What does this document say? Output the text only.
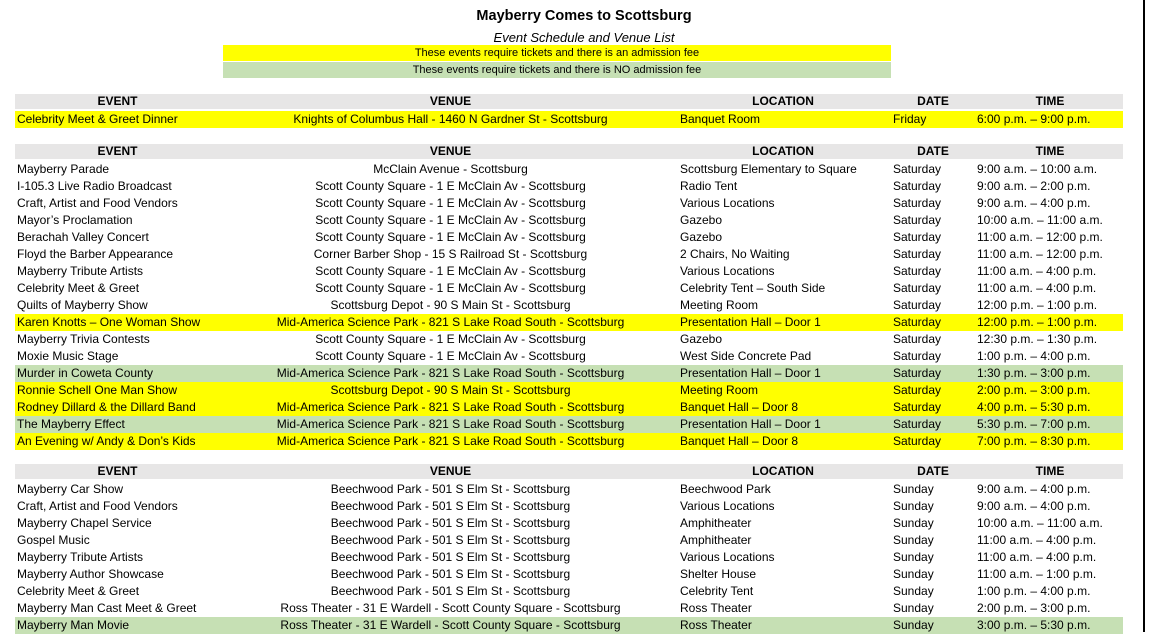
Mayberry Comes to Scottsburg
Event Schedule and Venue List
These events require tickets and there is an admission fee
These events require tickets and there is NO admission fee
EVENT	VENUE	LOCATION	DATE	TIME
Celebrity Meet & Greet Dinner	Knights of Columbus Hall - 1460 N Gardner St - Scottsburg	Banquet Room	Friday	6:00 p.m. – 9:00 p.m.
EVENT	VENUE	LOCATION	DATE	TIME
Mayberry Parade	McClain Avenue - Scottsburg	Scottsburg Elementary to Square	Saturday	9:00 a.m. – 10:00 a.m.
I-105.3 Live Radio Broadcast	Scott County Square - 1 E McClain Av - Scottsburg	Radio Tent	Saturday	9:00 a.m. – 2:00 p.m.
Craft, Artist and Food Vendors	Scott County Square - 1 E McClain Av - Scottsburg	Various Locations	Saturday	9:00 a.m. – 4:00 p.m.
Mayor’s Proclamation	Scott County Square - 1 E McClain Av - Scottsburg	Gazebo	Saturday	10:00 a.m. – 11:00 a.m.
Berachah Valley Concert	Scott County Square - 1 E McClain Av - Scottsburg	Gazebo	Saturday	11:00 a.m. – 12:00 p.m.
Floyd the Barber Appearance	Corner Barber Shop - 15 S Railroad St - Scottsburg	2 Chairs, No Waiting	Saturday	11:00 a.m. – 12:00 p.m.
Mayberry Tribute Artists	Scott County Square - 1 E McClain Av - Scottsburg	Various Locations	Saturday	11:00 a.m. – 4:00 p.m.
Celebrity Meet & Greet	Scott County Square - 1 E McClain Av - Scottsburg	Celebrity Tent – South Side	Saturday	11:00 a.m. – 4:00 p.m.
Quilts of Mayberry Show	Scottsburg Depot - 90 S Main St - Scottsburg	Meeting Room	Saturday	12:00 p.m. – 1:00 p.m.
Karen Knotts – One Woman Show	Mid-America Science Park - 821 S Lake Road South - Scottsburg	Presentation Hall – Door 1	Saturday	12:00 p.m. – 1:00 p.m.
Mayberry Trivia Contests	Scott County Square - 1 E McClain Av - Scottsburg	Gazebo	Saturday	12:30 p.m. – 1:30 p.m.
Moxie Music Stage	Scott County Square - 1 E McClain Av - Scottsburg	West Side Concrete Pad	Saturday	1:00 p.m. – 4:00 p.m.
Murder in Coweta County	Mid-America Science Park - 821 S Lake Road South - Scottsburg	Presentation Hall – Door 1	Saturday	1:30 p.m. – 3:00 p.m.
Ronnie Schell One Man Show	Scottsburg Depot - 90 S Main St - Scottsburg	Meeting Room	Saturday	2:00 p.m. – 3:00 p.m.
Rodney Dillard & the Dillard Band	Mid-America Science Park - 821 S Lake Road South - Scottsburg	Banquet Hall – Door 8	Saturday	4:00 p.m. – 5:30 p.m.
The Mayberry Effect	Mid-America Science Park - 821 S Lake Road South - Scottsburg	Presentation Hall – Door 1	Saturday	5:30 p.m. – 7:00 p.m.
An Evening w/ Andy & Don’s Kids	Mid-America Science Park - 821 S Lake Road South - Scottsburg	Banquet Hall – Door 8	Saturday	7:00 p.m. – 8:30 p.m.
EVENT	VENUE	LOCATION	DATE	TIME
Mayberry Car Show	Beechwood Park - 501 S Elm St - Scottsburg	Beechwood Park	Sunday	9:00 a.m. – 4:00 p.m.
Craft, Artist and Food Vendors	Beechwood Park - 501 S Elm St - Scottsburg	Various Locations	Sunday	9:00 a.m. – 4:00 p.m.
Mayberry Chapel Service	Beechwood Park - 501 S Elm St - Scottsburg	Amphitheater	Sunday	10:00 a.m. – 11:00 a.m.
Gospel Music	Beechwood Park - 501 S Elm St - Scottsburg	Amphitheater	Sunday	11:00 a.m. – 4:00 p.m.
Mayberry Tribute Artists	Beechwood Park - 501 S Elm St - Scottsburg	Various Locations	Sunday	11:00 a.m. – 4:00 p.m.
Mayberry Author Showcase	Beechwood Park - 501 S Elm St - Scottsburg	Shelter House	Sunday	11:00 a.m. – 1:00 p.m.
Celebrity Meet & Greet	Beechwood Park - 501 S Elm St - Scottsburg	Celebrity Tent	Sunday	1:00 p.m. – 4:00 p.m.
Mayberry Man Cast Meet & Greet	Ross Theater - 31 E Wardell - Scott County Square - Scottsburg	Ross Theater	Sunday	2:00 p.m. – 3:00 p.m.
Mayberry Man Movie	Ross Theater - 31 E Wardell - Scott County Square - Scottsburg	Ross Theater	Sunday	3:00 p.m. – 5:30 p.m.
